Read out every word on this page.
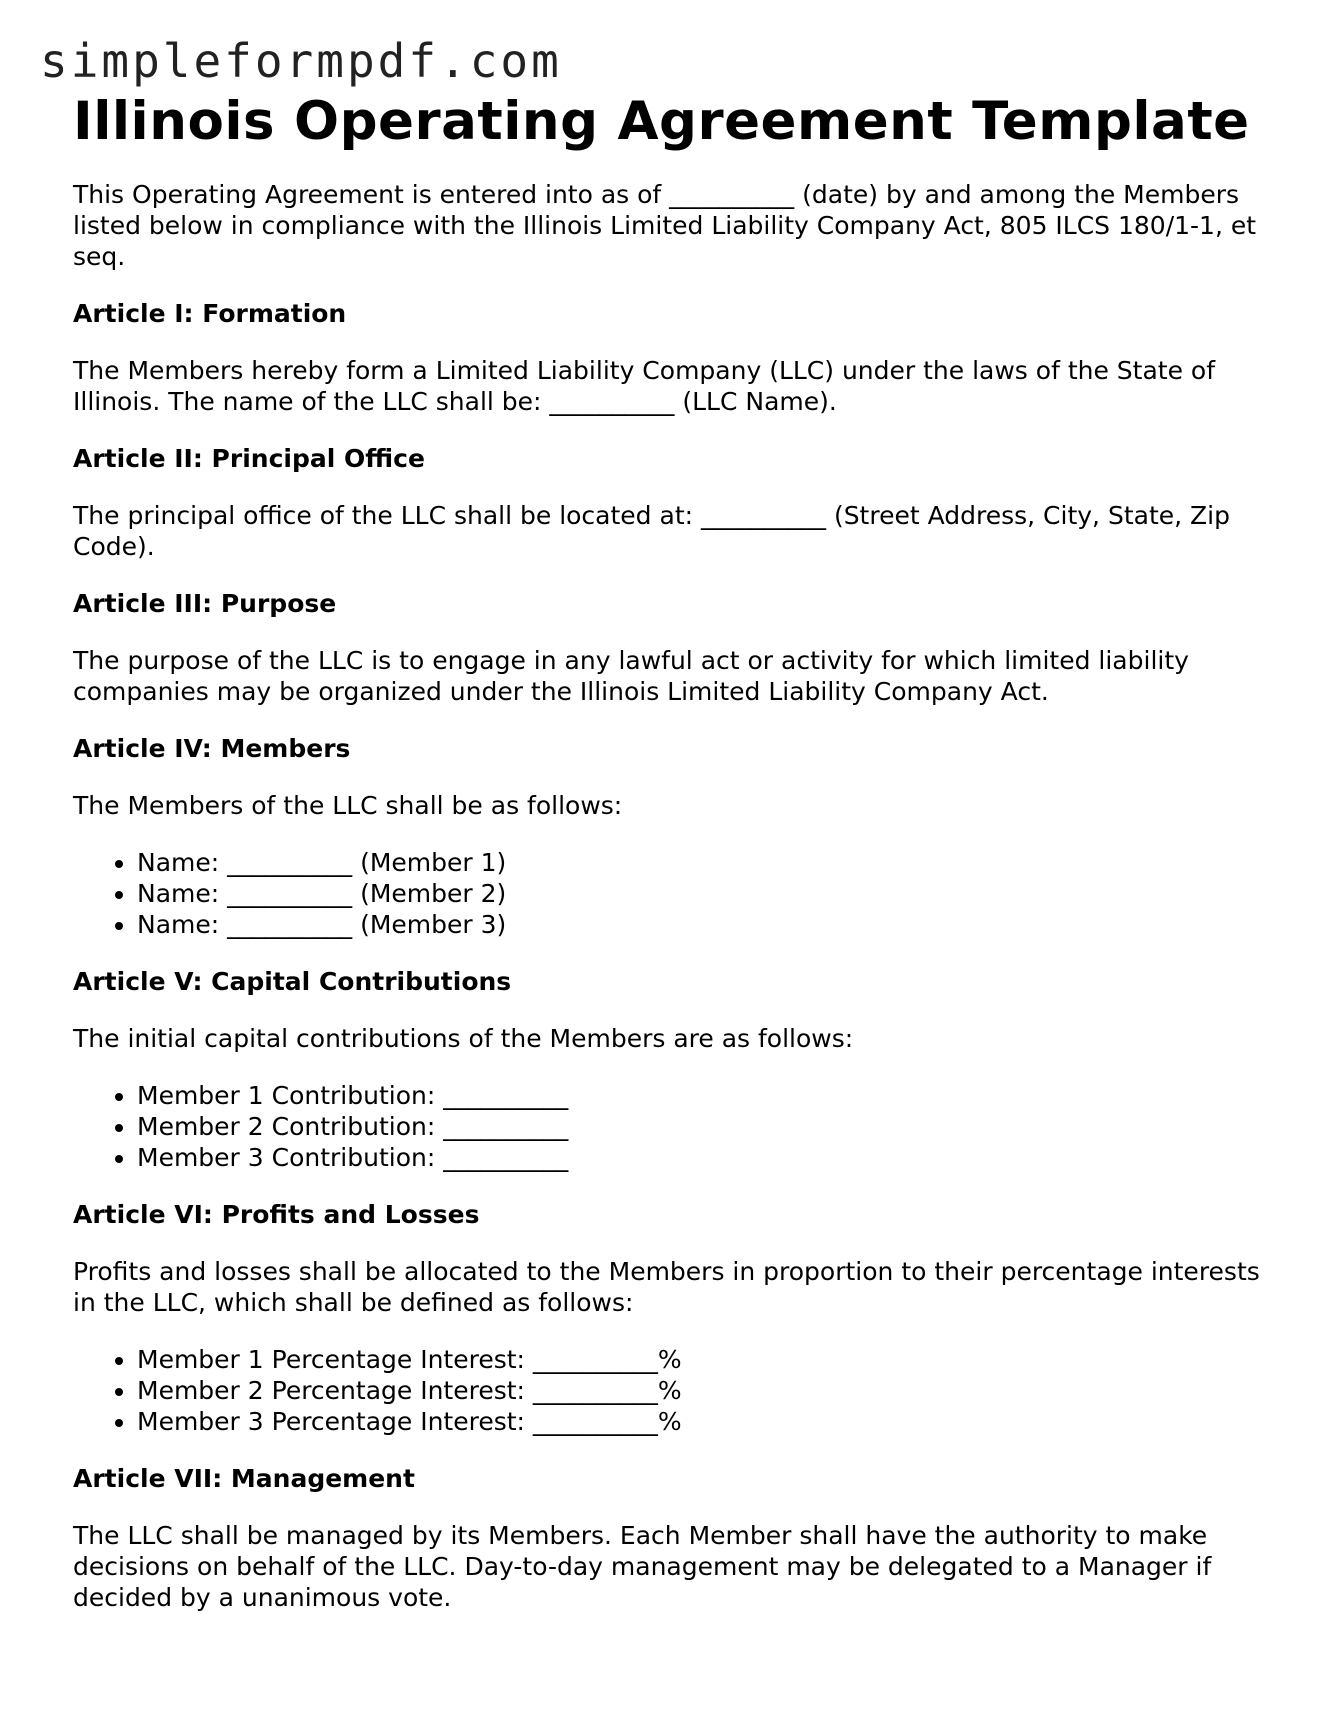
simpleformpdf.com
Illinois Operating Agreement Template

This Operating Agreement is entered into as of __________ (date) by and among the Members listed below in compliance with the Illinois Limited Liability Company Act, 805 ILCS 180/1-1, et seq.

Article I: Formation

The Members hereby form a Limited Liability Company (LLC) under the laws of the State of Illinois. The name of the LLC shall be: __________ (LLC Name).

Article II: Principal Office

The principal office of the LLC shall be located at: __________ (Street Address, City, State, Zip Code).

Article III: Purpose

The purpose of the LLC is to engage in any lawful act or activity for which limited liability companies may be organized under the Illinois Limited Liability Company Act.

Article IV: Members

The Members of the LLC shall be as follows:

• Name: __________ (Member 1)
• Name: __________ (Member 2)
• Name: __________ (Member 3)
Article V: Capital Contributions

The initial capital contributions of the Members are as follows:

• Member 1 Contribution: __________
• Member 2 Contribution: __________
• Member 3 Contribution: __________
Article VI: Profits and Losses

Profits and losses shall be allocated to the Members in proportion to their percentage interests in the LLC, which shall be defined as follows:

• Member 1 Percentage Interest: __________%
• Member 2 Percentage Interest: __________%
• Member 3 Percentage Interest: __________%
Article VII: Management

The LLC shall be managed by its Members. Each Member shall have the authority to make decisions on behalf of the LLC. Day-to-day management may be delegated to a Manager if decided by a unanimous vote.
